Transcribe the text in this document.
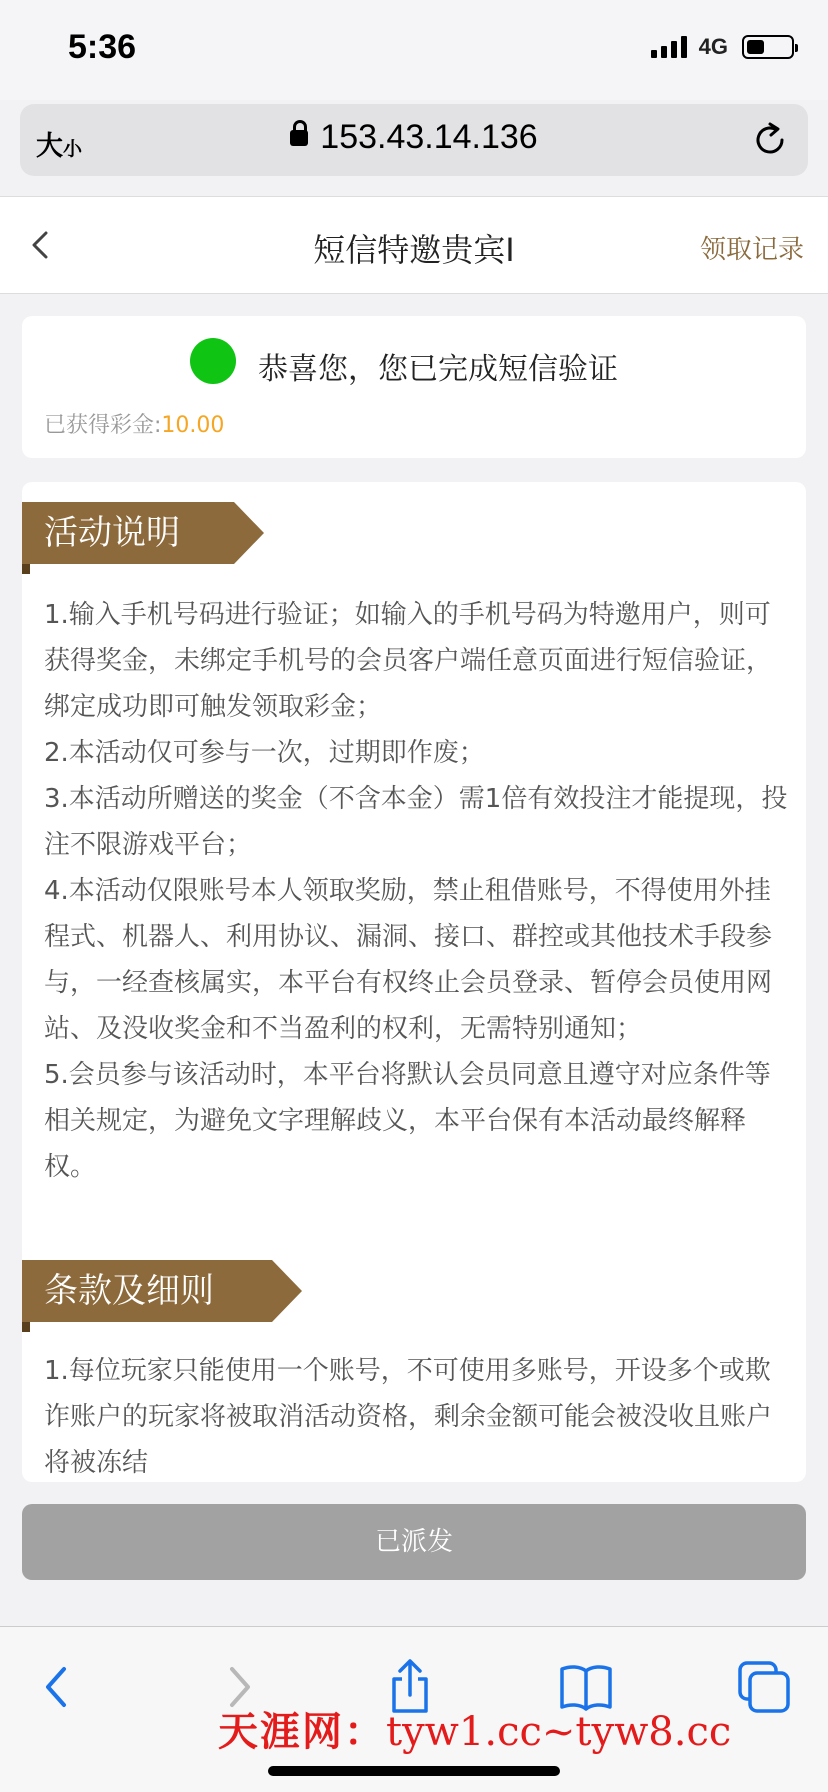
5:36	4G
大小	153.43.14.136
短信特邀贵宾I	领取记录
恭喜您，您已完成短信验证
已获得彩金:10.00
活动说明

1.输入手机号码进行验证；如输入的手机号码为特邀用户，则可获得奖金，未绑定手机号的会员客户端任意页面进行短信验证，绑定成功即可触发领取彩金；

2.本活动仅可参与一次，过期即作废；

3.本活动所赠送的奖金（不含本金）需1倍有效投注才能提现，投注不限游戏平台；

4.本活动仅限账号本人领取奖励，禁止租借账号，不得使用外挂程式、机器人、利用协议、漏洞、接口、群控或其他技术手段参与，一经查核属实，本平台有权终止会员登录、暂停会员使用网站、及没收奖金和不当盈利的权利，无需特别通知；

5.会员参与该活动时，本平台将默认会员同意且遵守对应条件等相关规定，为避免文字理解歧义，本平台保有本活动最终解释权。

条款及细则

1.每位玩家只能使用一个账号，不可使用多账号，开设多个或欺诈账户的玩家将被取消活动资格，剩余金额可能会被没收且账户将被冻结

已派发
天涯网：tyw1.cc~tyw8.cc
